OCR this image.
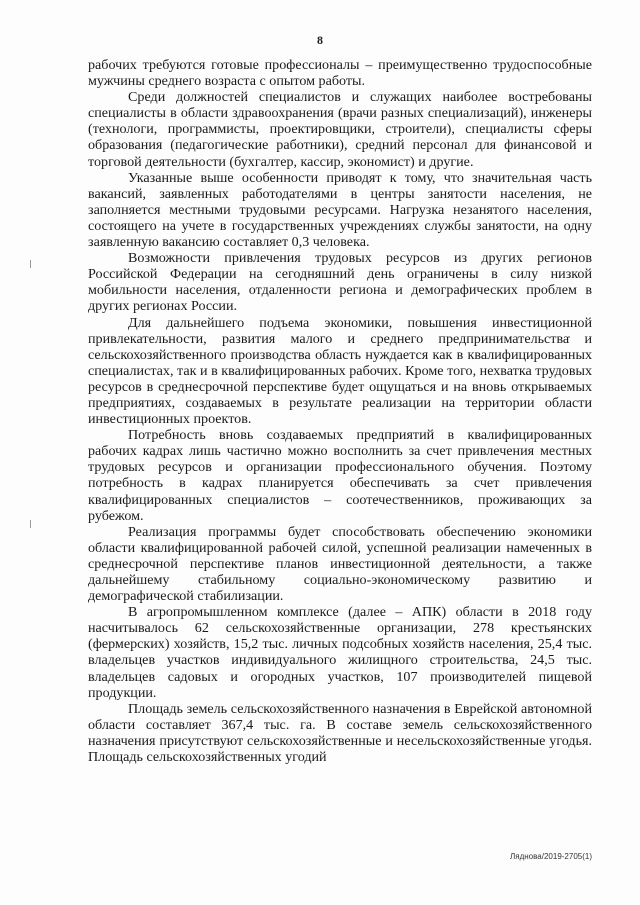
8

рабочих требуются готовые профессионалы – преимущественно трудоспособные мужчины среднего возраста с опытом работы.

Среди должностей специалистов и служащих наиболее востребованы специалисты в области здравоохранения (врачи разных специализаций), инженеры (технологи, программисты, проектировщики, строители), специалисты сферы образования (педагогические работники), средний персонал для финансовой и торговой деятельности (бухгалтер, кассир, экономист) и другие.

Указанные выше особенности приводят к тому, что значительная часть вакансий, заявленных работодателями в центры занятости населения, не заполняется местными трудовыми ресурсами. Нагрузка незанятого населения, состоящего на учете в государственных учреждениях службы занятости, на одну заявленную вакансию составляет 0,3 человека.

Возможности привлечения трудовых ресурсов из других регионов Российской Федерации на сегодняшний день ограничены в силу низкой мобильности населения, отдаленности региона и демографических проблем в других регионах России.

Для дальнейшего подъема экономики, повышения инвестиционной привлекательности, развития малого и среднего предпринимательства и сельскохозяйственного производства область нуждается как в квалифицированных специалистах, так и в квалифицированных рабочих. Кроме того, нехватка трудовых ресурсов в среднесрочной перспективе будет ощущаться и на вновь открываемых предприятиях, создаваемых в результате реализации на территории области инвестиционных проектов.

Потребность вновь создаваемых предприятий в квалифицированных рабочих кадрах лишь частично можно восполнить за счет привлечения местных трудовых ресурсов и организации профессионального обучения. Поэтому потребность в кадрах планируется обеспечивать за счет привлечения квалифицированных специалистов – соотечественников, проживающих за рубежом.

Реализация программы будет способствовать обеспечению экономики области квалифицированной рабочей силой, успешной реализации намеченных в среднесрочной перспективе планов инвестиционной деятельности, а также дальнейшему стабильному социально-экономическому развитию и демографической стабилизации.

В агропромышленном комплексе (далее – АПК) области в 2018 году насчитывалось 62 сельскохозяйственные организации, 278 крестьянских (фермерских) хозяйств, 15,2 тыс. личных подсобных хозяйств населения, 25,4 тыс. владельцев участков индивидуального жилищного строительства, 24,5 тыс. владельцев садовых и огородных участков, 107 производителей пищевой продукции.

Площадь земель сельскохозяйственного назначения в Еврейской автономной области составляет 367,4 тыс. га. В составе земель сельскохозяйственного назначения присутствуют сельскохозяйственные и несельскохозяйственные угодья. Площадь сельскохозяйственных угодий

Ляднова/2019-2705(1)
